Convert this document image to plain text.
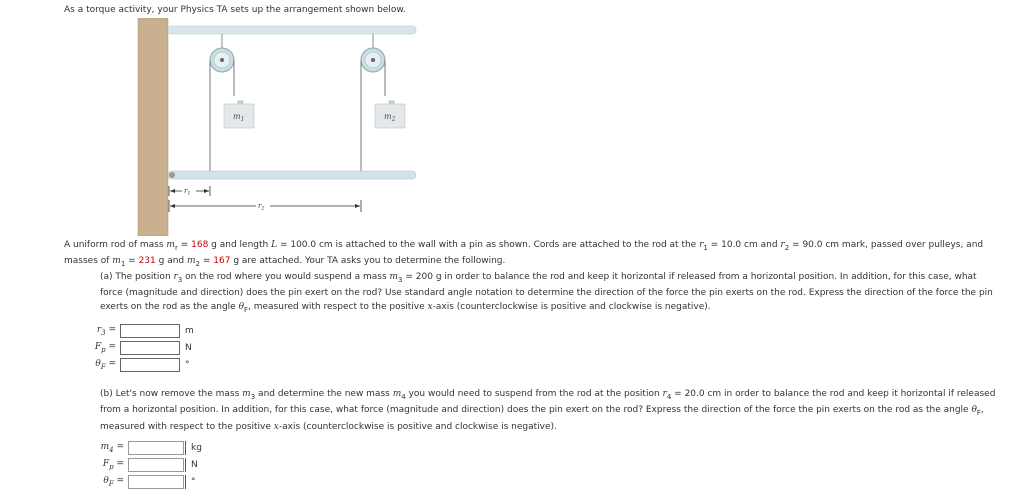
As a torque activity, your Physics TA sets up the arrangement shown below.
$m_1$	$m_2$
$r_1$
$r_2$
A uniform rod of mass $m_r = 168$ g and length L = 100.0 cm is attached to the wall with a pin as shown. Cords are attached to the rod at the $r_1 = 10.0$ cm and $r_2 = 90.0$ cm mark, passed over pulleys, and masses of $m_1 = 231$ g and $m_2 = 167$ g are attached. Your TA asks you to determine the following.
(a) The position $r_3$ on the rod where you would suspend a mass $m_3 = 200$ g in order to balance the rod and keep it horizontal if released from a horizontal position. In addition, for this case, what force (magnitude and direction) does the pin exert on the rod? Use standard angle notation to determine the direction of the force the pin exerts on the rod. Express the direction of the force the pin exerts on the rod as the angle $\theta_F$, measured with respect to the positive x-axis (counterclockwise is positive and clockwise is negative).
$r_3$ =	m
$F_p$ =	N
$\theta_F$ =	°
(b) Let's now remove the mass $m_3$ and determine the new mass $m_4$ you would need to suspend from the rod at the position $r_4 = 20.0$ cm in order to balance the rod and keep it horizontal if released from a horizontal position. In addition, for this case, what force (magnitude and direction) does the pin exert on the rod? Express the direction of the force the pin exerts on the rod as the angle $\theta_F$, measured with respect to the positive x-axis (counterclockwise is positive and clockwise is negative).
$m_4$ =	kg
$F_p$ =	N
$\theta_F$ =	°
